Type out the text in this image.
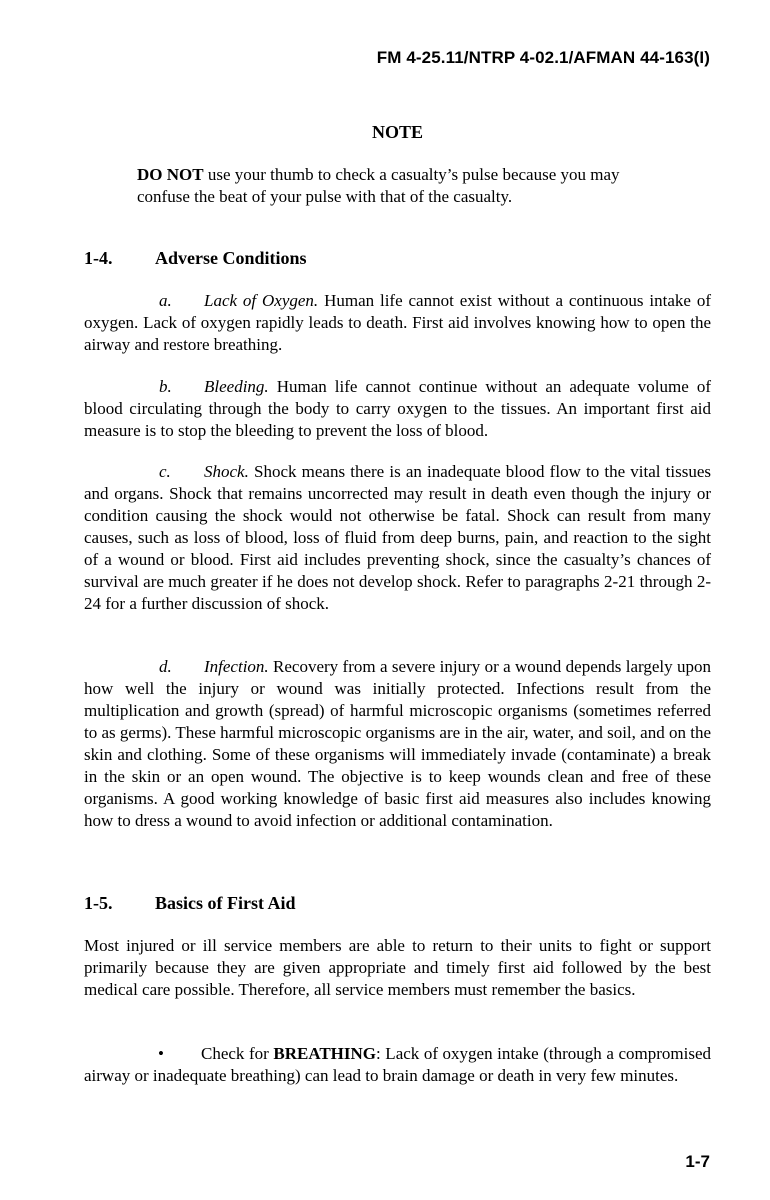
FM 4-25.11/NTRP 4-02.1/AFMAN 44-163(I)
NOTE
DO NOT use your thumb to check a casualty’s pulse because you may confuse the beat of your pulse with that of the casualty.
1-4. Adverse Conditions
a. Lack of Oxygen. Human life cannot exist without a continuous intake of oxygen. Lack of oxygen rapidly leads to death. First aid involves knowing how to open the airway and restore breathing.
b. Bleeding. Human life cannot continue without an adequate volume of blood circulating through the body to carry oxygen to the tissues. An important first aid measure is to stop the bleeding to prevent the loss of blood.
c. Shock. Shock means there is an inadequate blood flow to the vital tissues and organs. Shock that remains uncorrected may result in death even though the injury or condition causing the shock would not otherwise be fatal. Shock can result from many causes, such as loss of blood, loss of fluid from deep burns, pain, and reaction to the sight of a wound or blood. First aid includes preventing shock, since the casualty’s chances of survival are much greater if he does not develop shock. Refer to paragraphs 2-21 through 2-24 for a further discussion of shock.
d. Infection. Recovery from a severe injury or a wound depends largely upon how well the injury or wound was initially protected. Infections result from the multiplication and growth (spread) of harmful microscopic organisms (sometimes referred to as germs). These harmful microscopic organisms are in the air, water, and soil, and on the skin and clothing. Some of these organisms will immediately invade (contaminate) a break in the skin or an open wound. The objective is to keep wounds clean and free of these organisms. A good working knowledge of basic first aid measures also includes knowing how to dress a wound to avoid infection or additional contamination.
1-5. Basics of First Aid
Most injured or ill service members are able to return to their units to fight or support primarily because they are given appropriate and timely first aid followed by the best medical care possible. Therefore, all service members must remember the basics.
• Check for BREATHING: Lack of oxygen intake (through a compromised airway or inadequate breathing) can lead to brain damage or death in very few minutes.
1-7
